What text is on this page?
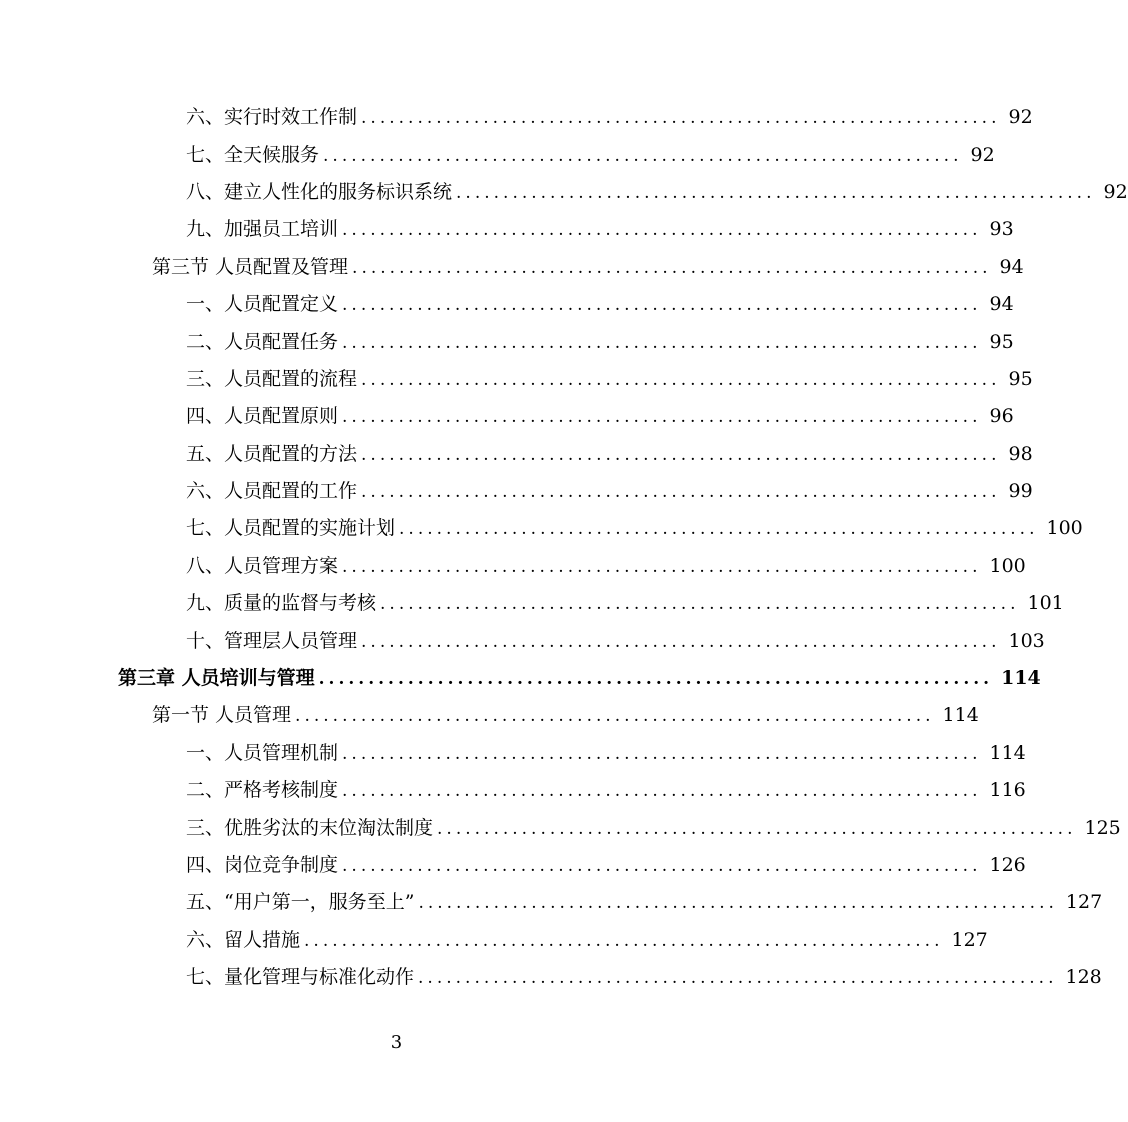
六、实行时效工作制 .................................................................... 92
七、全天候服务 .................................................................... 92
八、建立人性化的服务标识系统 .................................................................... 92
九、加强员工培训 .................................................................... 93
第三节 人员配置及管理 .................................................................... 94
一、人员配置定义 .................................................................... 94
二、人员配置任务 .................................................................... 95
三、人员配置的流程 .................................................................... 95
四、人员配置原则 .................................................................... 96
五、人员配置的方法 .................................................................... 98
六、人员配置的工作 .................................................................... 99
七、人员配置的实施计划 .................................................................... 100
八、人员管理方案 .................................................................... 100
九、质量的监督与考核 .................................................................... 101
十、管理层人员管理 .................................................................... 103
第三章 人员培训与管理 .................................................................... 114
第一节 人员管理 .................................................................... 114
一、人员管理机制 .................................................................... 114
二、严格考核制度 .................................................................... 116
三、优胜劣汰的末位淘汰制度 .................................................................... 125
四、岗位竞争制度 .................................................................... 126
五、“用户第一，服务至上” .................................................................... 127
六、留人措施 .................................................................... 127
七、量化管理与标准化动作 .................................................................... 128
3
